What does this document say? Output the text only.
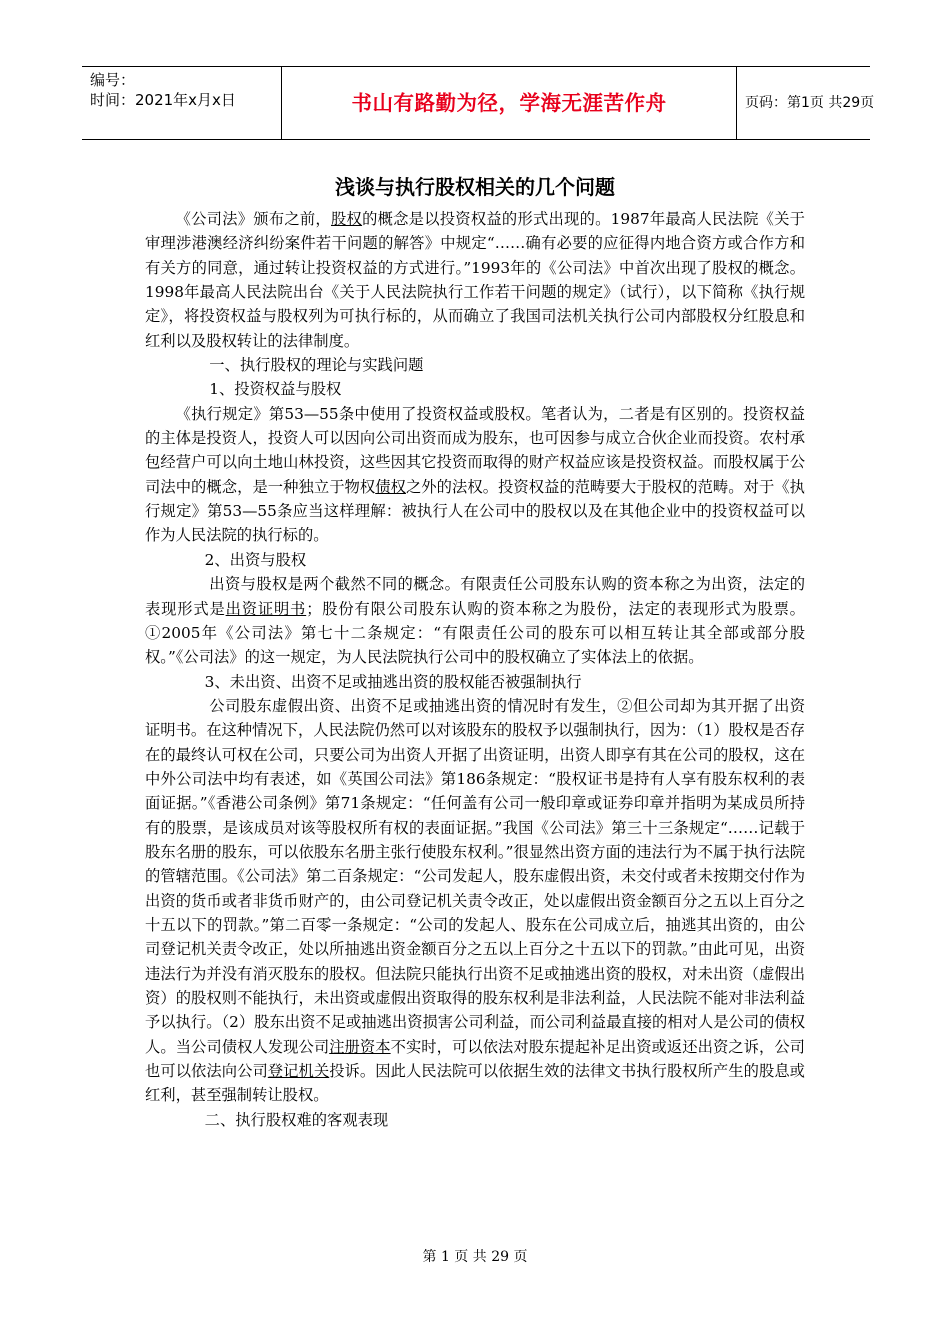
编号：
时间：2021年x月x日	书山有路勤为径，学海无涯苦作舟	页码：第1页 共29页
浅谈与执行股权相关的几个问题

《公司法》颁布之前，股权的概念是以投资权益的形式出现的。1987年最高人民法院《关于审理涉港澳经济纠纷案件若干问题的解答》中规定“……确有必要的应征得内地合资方或合作方和有关方的同意，通过转让投资权益的方式进行。”1993年的《公司法》中首次出现了股权的概念。1998年最高人民法院出台《关于人民法院执行工作若干问题的规定》（试行），以下简称《执行规定》，将投资权益与股权列为可执行标的，从而确立了我国司法机关执行公司内部股权分红股息和红利以及股权转让的法律制度。

一、执行股权的理论与实践问题

1、投资权益与股权

《执行规定》第53—55条中使用了投资权益或股权。笔者认为，二者是有区别的。投资权益的主体是投资人，投资人可以因向公司出资而成为股东，也可因参与成立合伙企业而投资。农村承包经营户可以向土地山林投资，这些因其它投资而取得的财产权益应该是投资权益。而股权属于公司法中的概念，是一种独立于物权债权之外的法权。投资权益的范畴要大于股权的范畴。对于《执行规定》第53—55条应当这样理解：被执行人在公司中的股权以及在其他企业中的投资权益可以作为人民法院的执行标的。

2、出资与股权

出资与股权是两个截然不同的概念。有限责任公司股东认购的资本称之为出资，法定的表现形式是出资证明书；股份有限公司股东认购的资本称之为股份，法定的表现形式为股票。①2005年《公司法》第七十二条规定：“有限责任公司的股东可以相互转让其全部或部分股权。”《公司法》的这一规定，为人民法院执行公司中的股权确立了实体法上的依据。

3、未出资、出资不足或抽逃出资的股权能否被强制执行

公司股东虚假出资、出资不足或抽逃出资的情况时有发生，②但公司却为其开据了出资证明书。在这种情况下，人民法院仍然可以对该股东的股权予以强制执行，因为：（1）股权是否存在的最终认可权在公司，只要公司为出资人开据了出资证明，出资人即享有其在公司的股权，这在中外公司法中均有表述，如《英国公司法》第186条规定：“股权证书是持有人享有股东权利的表面证据。”《香港公司条例》第71条规定：“任何盖有公司一般印章或证券印章并指明为某成员所持有的股票，是该成员对该等股权所有权的表面证据。”我国《公司法》第三十三条规定“……记载于股东名册的股东，可以依股东名册主张行使股东权利。”很显然出资方面的违法行为不属于执行法院的管辖范围。《公司法》第二百条规定：“公司发起人，股东虚假出资，未交付或者未按期交付作为出资的货币或者非货币财产的，由公司登记机关责令改正，处以虚假出资金额百分之五以上百分之十五以下的罚款。”第二百零一条规定：“公司的发起人、股东在公司成立后，抽逃其出资的，由公司登记机关责令改正，处以所抽逃出资金额百分之五以上百分之十五以下的罚款。”由此可见，出资违法行为并没有消灭股东的股权。但法院只能执行出资不足或抽逃出资的股权，对未出资（虚假出资）的股权则不能执行，未出资或虚假出资取得的股东权利是非法利益，人民法院不能对非法利益予以执行。（2）股东出资不足或抽逃出资损害公司利益，而公司利益最直接的相对人是公司的债权人。当公司债权人发现公司注册资本不实时，可以依法对股东提起补足出资或返还出资之诉，公司也可以依法向公司登记机关投诉。因此人民法院可以依据生效的法律文书执行股权所产生的股息或红利，甚至强制转让股权。

二、执行股权难的客观表现

第 1 页 共 29 页
